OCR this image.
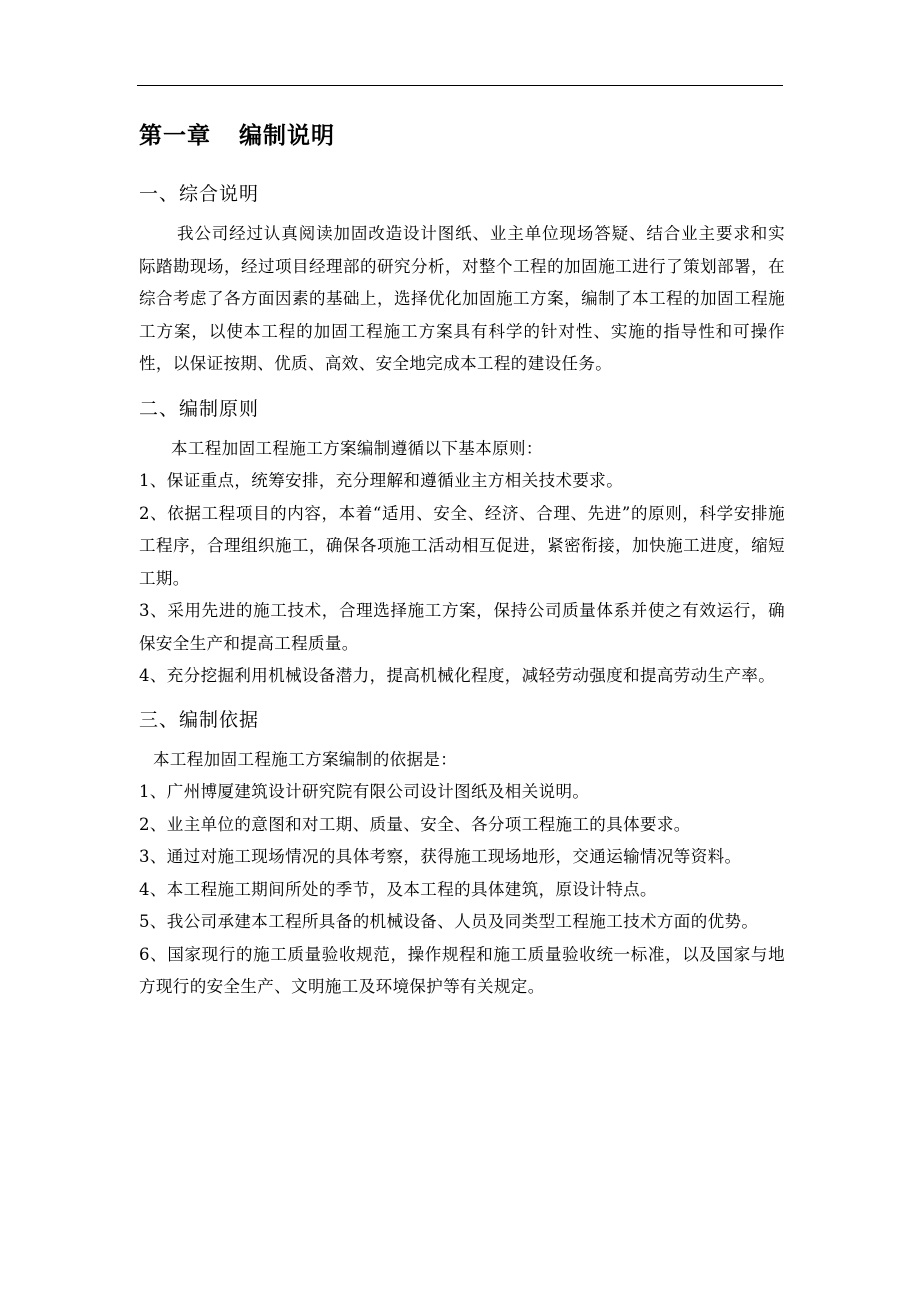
第一章 编制说明
一、综合说明

我公司经过认真阅读加固改造设计图纸、业主单位现场答疑、结合业主要求和实际踏勘现场，经过项目经理部的研究分析，对整个工程的加固施工进行了策划部署，在综合考虑了各方面因素的基础上，选择优化加固施工方案，编制了本工程的加固工程施工方案，以使本工程的加固工程施工方案具有科学的针对性、实施的指导性和可操作性，以保证按期、优质、高效、安全地完成本工程的建设任务。

二、编制原则

本工程加固工程施工方案编制遵循以下基本原则：

1、保证重点，统筹安排，充分理解和遵循业主方相关技术要求。

2、依据工程项目的内容，本着“适用、安全、经济、合理、先进”的原则，科学安排施工程序，合理组织施工，确保各项施工活动相互促进，紧密衔接，加快施工进度，缩短工期。

3、采用先进的施工技术，合理选择施工方案，保持公司质量体系并使之有效运行，确保安全生产和提高工程质量。

4、充分挖掘利用机械设备潜力，提高机械化程度，减轻劳动强度和提高劳动生产率。

三、编制依据

本工程加固工程施工方案编制的依据是：

1、广州博厦建筑设计研究院有限公司设计图纸及相关说明。

2、业主单位的意图和对工期、质量、安全、各分项工程施工的具体要求。

3、通过对施工现场情况的具体考察，获得施工现场地形，交通运输情况等资料。

4、本工程施工期间所处的季节，及本工程的具体建筑，原设计特点。

5、我公司承建本工程所具备的机械设备、人员及同类型工程施工技术方面的优势。

6、国家现行的施工质量验收规范，操作规程和施工质量验收统一标准，以及国家与地方现行的安全生产、文明施工及环境保护等有关规定。
